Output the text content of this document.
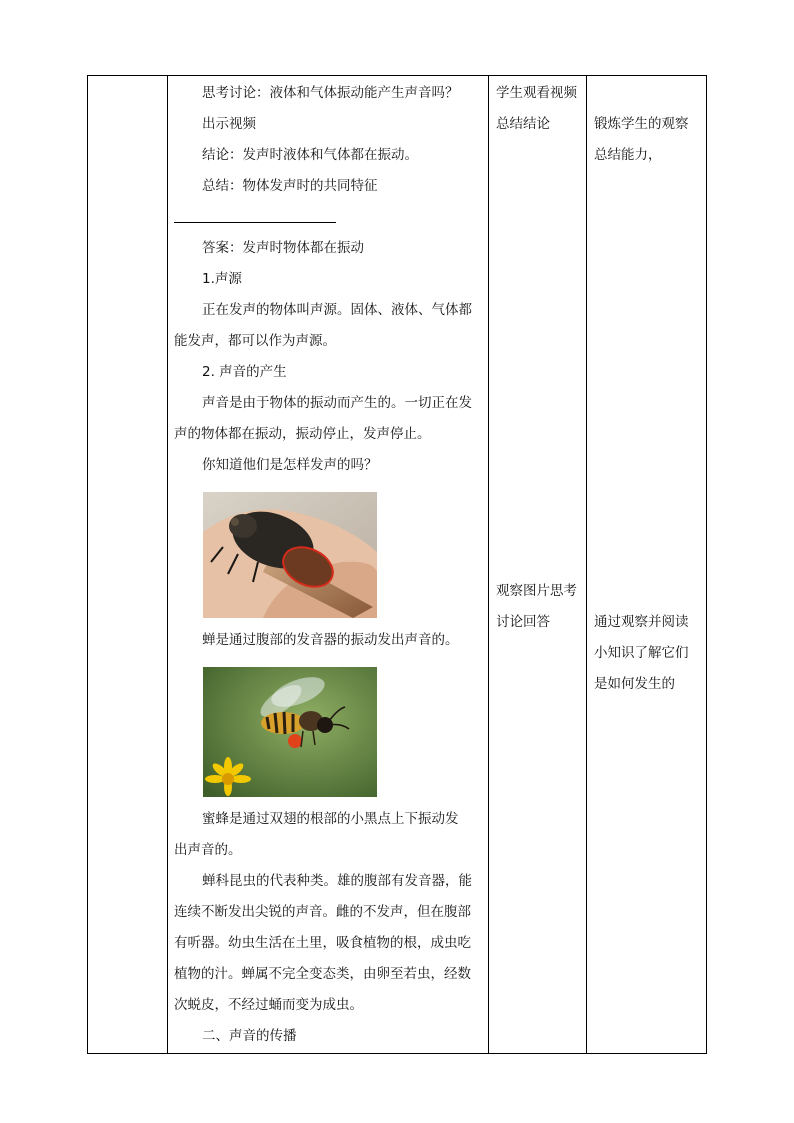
思考讨论：液体和气体振动能产生声音吗？
出示视频
结论：发声时液体和气体都在振动。
总结：物体发声时的共同特征
答案：发声时物体都在振动
1.声源
正在发声的物体叫声源。固体、液体、气体都
能发声，都可以作为声源。
2. 声音的产生
声音是由于物体的振动而产生的。一切正在发
声的物体都在振动，振动停止，发声停止。
你知道他们是怎样发声的吗？
蝉是通过腹部的发音器的振动发出声音的。
蜜蜂是通过双翅的根部的小黑点上下振动发
出声音的。
蝉科昆虫的代表种类。雄的腹部有发音器，能
连续不断发出尖锐的声音。雌的不发声，但在腹部
有听器。幼虫生活在土里，吸食植物的根，成虫吃
植物的汁。蝉属不完全变态类，由卵至若虫，经数
次蜕皮，不经过蛹而变为成虫。
二、声音的传播
学生观看视频
总结结论
观察图片思考
讨论回答
锻炼学生的观察
总结能力，
通过观察并阅读
小知识了解它们
是如何发生的
